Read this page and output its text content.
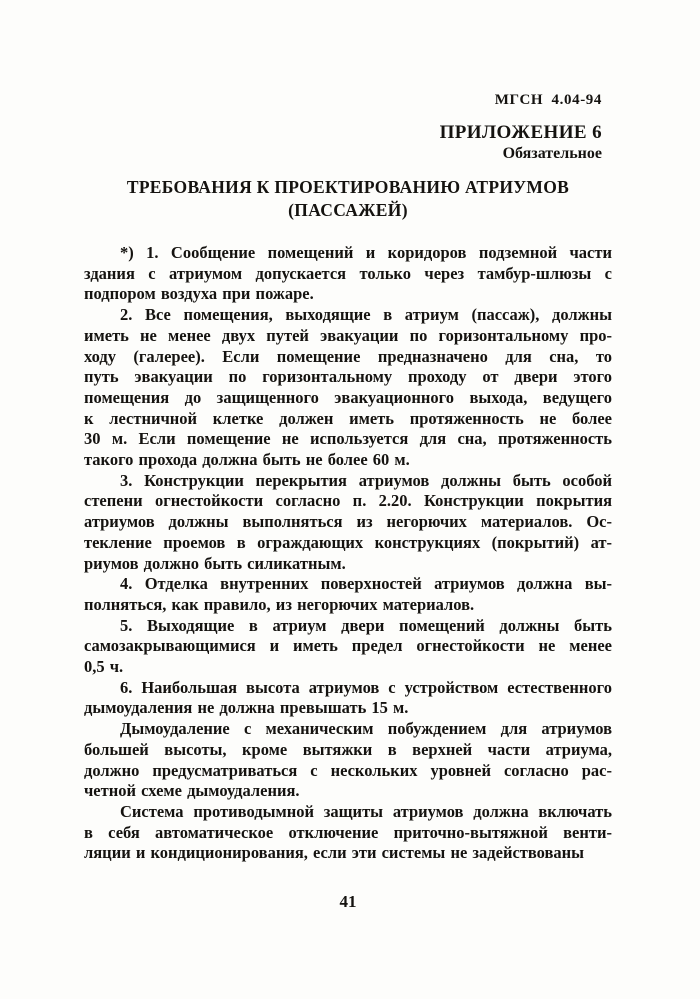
МГСН 4.04-94
ПРИЛОЖЕНИЕ 6
Обязательное
ТРЕБОВАНИЯ К ПРОЕКТИРОВАНИЮ АТРИУМОВ
(ПАССАЖЕЙ)
*) 1. Сообщение помещений и коридоров подземной части
здания с атриумом допускается только через тамбур-шлюзы с
подпором воздуха при пожаре.
2. Все помещения, выходящие в атриум (пассаж), должны
иметь не менее двух путей эвакуации по горизонтальному про-
ходу (галерее). Если помещение предназначено для сна, то
путь эвакуации по горизонтальному проходу от двери этого
помещения до защищенного эвакуационного выхода, ведущего
к лестничной клетке должен иметь протяженность не более
30 м. Если помещение не используется для сна, протяженность
такого прохода должна быть не более 60 м.
3. Конструкции перекрытия атриумов должны быть особой
степени огнестойкости согласно п. 2.20. Конструкции покрытия
атриумов должны выполняться из негорючих материалов. Ос-
текление проемов в ограждающих конструкциях (покрытий) ат-
риумов должно быть силикатным.
4. Отделка внутренних поверхностей атриумов должна вы-
полняться, как правило, из негорючих материалов.
5. Выходящие в атриум двери помещений должны быть
самозакрывающимися и иметь предел огнестойкости не менее
0,5 ч.
6. Наибольшая высота атриумов с устройством естественного
дымоудаления не должна превышать 15 м.
Дымоудаление с механическим побуждением для атриумов
большей высоты, кроме вытяжки в верхней части атриума,
должно предусматриваться с нескольких уровней согласно рас-
четной схеме дымоудаления.
Система противодымной защиты атриумов должна включать
в себя автоматическое отключение приточно-вытяжной венти-
ляции и кондиционирования, если эти системы не задействованы
41
